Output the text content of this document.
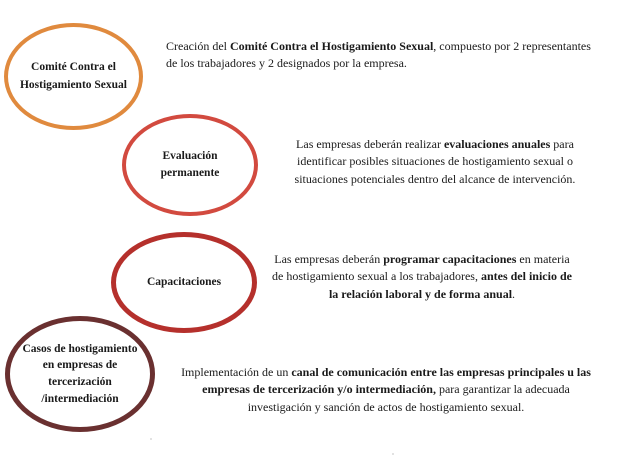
Comité Contra el Hostigamiento Sexual
Creación del Comité Contra el Hostigamiento Sexual, compuesto por 2 representantes de los trabajadores y 2 designados por la empresa.
Evaluación permanente
Las empresas deberán realizar evaluaciones anuales para identificar posibles situaciones de hostigamiento sexual o situaciones potenciales dentro del alcance de intervención.
Capacitaciones
Las empresas deberán programar capacitaciones en materia de hostigamiento sexual a los trabajadores, antes del inicio de la relación laboral y de forma anual.
Casos de hostigamiento en empresas de tercerización /intermediación
Implementación de un canal de comunicación entre las empresas principales u las empresas de tercerización y/o intermediación, para garantizar la adecuada investigación y sanción de actos de hostigamiento sexual.
